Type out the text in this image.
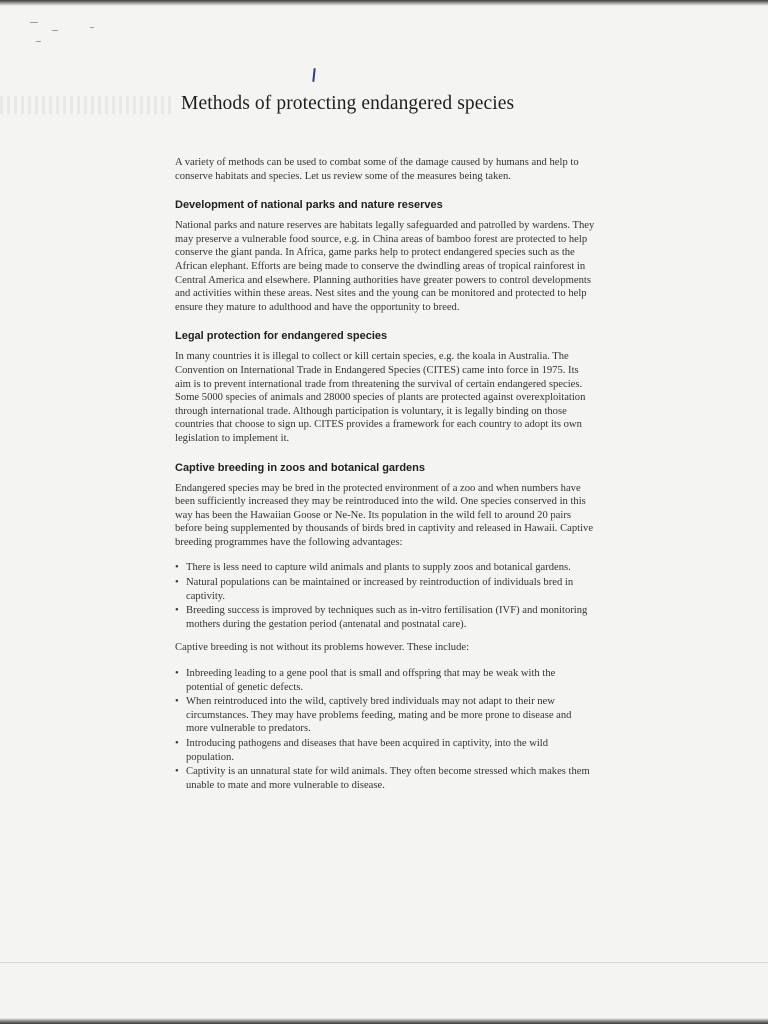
Methods of protecting endangered species

A variety of methods can be used to combat some of the damage caused by humans and help to conserve habitats and species. Let us review some of the measures being taken.

Development of national parks and nature reserves

National parks and nature reserves are habitats legally safeguarded and patrolled by wardens. They may preserve a vulnerable food source, e.g. in China areas of bamboo forest are protected to help conserve the giant panda. In Africa, game parks help to protect endangered species such as the African elephant. Efforts are being made to conserve the dwindling areas of tropical rainforest in Central America and elsewhere. Planning authorities have greater powers to control developments and activities within these areas. Nest sites and the young can be monitored and protected to help ensure they mature to adulthood and have the opportunity to breed.

Legal protection for endangered species

In many countries it is illegal to collect or kill certain species, e.g. the koala in Australia. The Convention on International Trade in Endangered Species (CITES) came into force in 1975. Its aim is to prevent international trade from threatening the survival of certain endangered species. Some 5000 species of animals and 28000 species of plants are protected against overexploitation through international trade. Although participation is voluntary, it is legally binding on those countries that choose to sign up. CITES provides a framework for each country to adopt its own legislation to implement it.

Captive breeding in zoos and botanical gardens

Endangered species may be bred in the protected environment of a zoo and when numbers have been sufficiently increased they may be reintroduced into the wild. One species conserved in this way has been the Hawaiian Goose or Ne-Ne. Its population in the wild fell to around 20 pairs before being supplemented by thousands of birds bred in captivity and released in Hawaii. Captive breeding programmes have the following advantages:

• There is less need to capture wild animals and plants to supply zoos and botanical gardens.
• Natural populations can be maintained or increased by reintroduction of individuals bred in captivity.
• Breeding success is improved by techniques such as in-vitro fertilisation (IVF) and monitoring mothers during the gestation period (antenatal and postnatal care).

Captive breeding is not without its problems however. These include:

• Inbreeding leading to a gene pool that is small and offspring that may be weak with the potential of genetic defects.
• When reintroduced into the wild, captively bred individuals may not adapt to their new circumstances. They may have problems feeding, mating and be more prone to disease and more vulnerable to predators.
• Introducing pathogens and diseases that have been acquired in captivity, into the wild population.
• Captivity is an unnatural state for wild animals. They often become stressed which makes them unable to mate and more vulnerable to disease.
